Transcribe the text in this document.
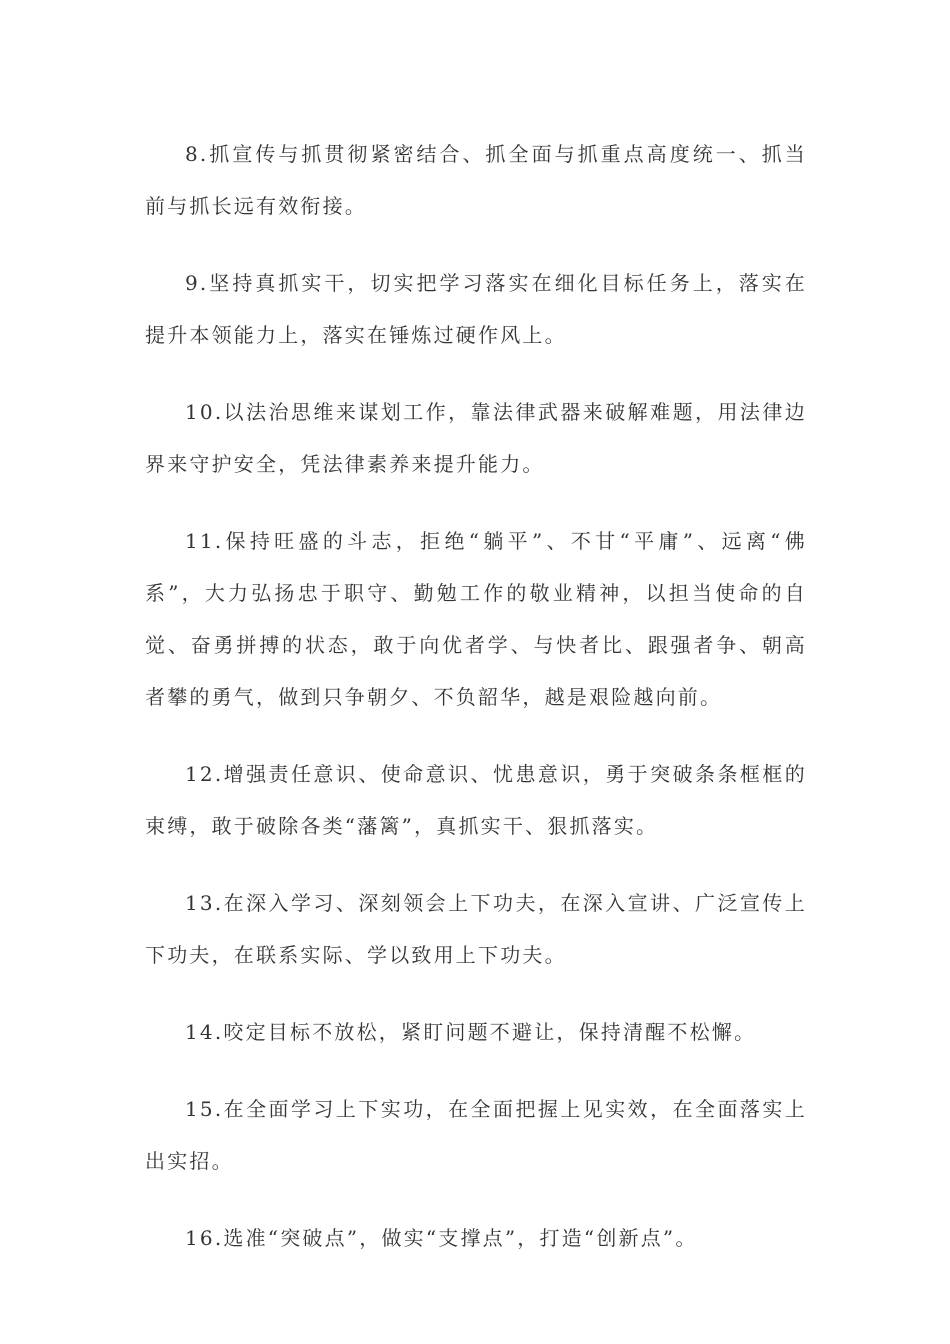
8.抓宣传与抓贯彻紧密结合、抓全面与抓重点高度统一、抓当前与抓长远有效衔接。

9.坚持真抓实干，切实把学习落实在细化目标任务上，落实在提升本领能力上，落实在锤炼过硬作风上。

10.以法治思维来谋划工作，靠法律武器来破解难题，用法律边界来守护安全，凭法律素养来提升能力。

11.保持旺盛的斗志，拒绝“躺平”、不甘“平庸”、远离“佛系”，大力弘扬忠于职守、勤勉工作的敬业精神，以担当使命的自觉、奋勇拼搏的状态，敢于向优者学、与快者比、跟强者争、朝高者攀的勇气，做到只争朝夕、不负韶华，越是艰险越向前。

12.增强责任意识、使命意识、忧患意识，勇于突破条条框框的束缚，敢于破除各类“藩篱”，真抓实干、狠抓落实。

13.在深入学习、深刻领会上下功夫，在深入宣讲、广泛宣传上下功夫，在联系实际、学以致用上下功夫。

14.咬定目标不放松，紧盯问题不避让，保持清醒不松懈。

15.在全面学习上下实功，在全面把握上见实效，在全面落实上出实招。

16.选准“突破点”，做实“支撑点”，打造“创新点”。
